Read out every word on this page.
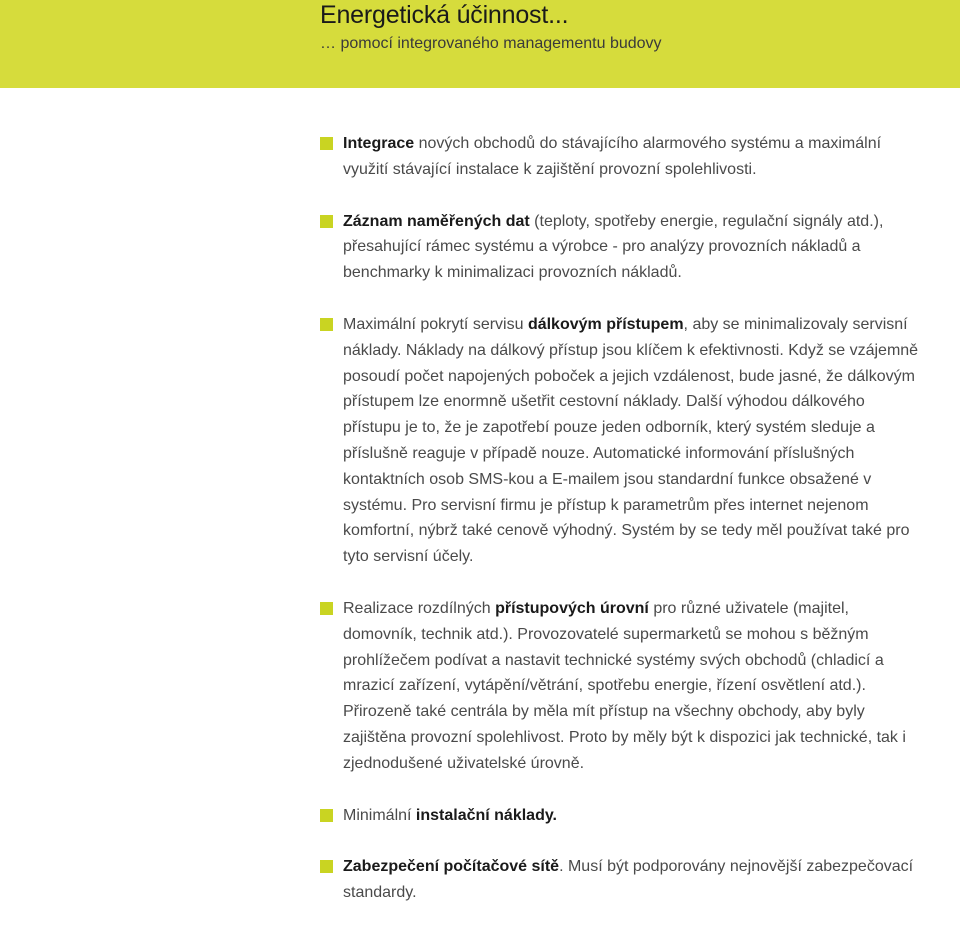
Energetická účinnost...
… pomocí integrovaného managementu budovy
Integrace nových obchodů do stávajícího alarmového systému a maximální využití stávající instalace k zajištění provozní spolehlivosti.
Záznam naměřených dat (teploty, spotřeby energie, regulační signály atd.), přesahující rámec systému a výrobce - pro analýzy provozních nákladů a benchmarky k minimalizaci provozních nákladů.
Maximální pokrytí servisu dálkovým přístupem, aby se minimalizovaly servisní náklady. Náklady na dálkový přístup jsou klíčem k efektivnosti. Když se vzájemně posoudí počet napojených poboček a jejich vzdálenost, bude jasné, že dálkovým přístupem lze enormně ušetřit cestovní náklady. Další výhodou dálkového přístupu je to, že je zapotřebí pouze jeden odborník, který systém sleduje a příslušně reaguje v případě nouze. Automatické informování příslušných kontaktních osob SMS-kou a E-mailem jsou standardní funkce obsažené v systému. Pro servisní firmu je přístup k parametrům přes internet nejenom komfortní, nýbrž také cenově výhodný. Systém by se tedy měl používat také pro tyto servisní účely.
Realizace rozdílných přístupových úrovní pro různé uživatele (majitel, domovník, technik atd.). Provozovatelé supermarketů se mohou s běžným prohlížečem podívat a nastavit technické systémy svých obchodů (chladicí a mrazicí zařízení, vytápění/větrání, spotřebu energie, řízení osvětlení atd.). Přirozeně také centrála by měla mít přístup na všechny obchody, aby byly zajištěna provozní spolehlivost. Proto by měly být k dispozici jak technické, tak i zjednodušené uživatelské úrovně.
Minimální instalační náklady.
Zabezpečení počítačové sítě. Musí být podporovány nejnovější zabezpečovací standardy.
